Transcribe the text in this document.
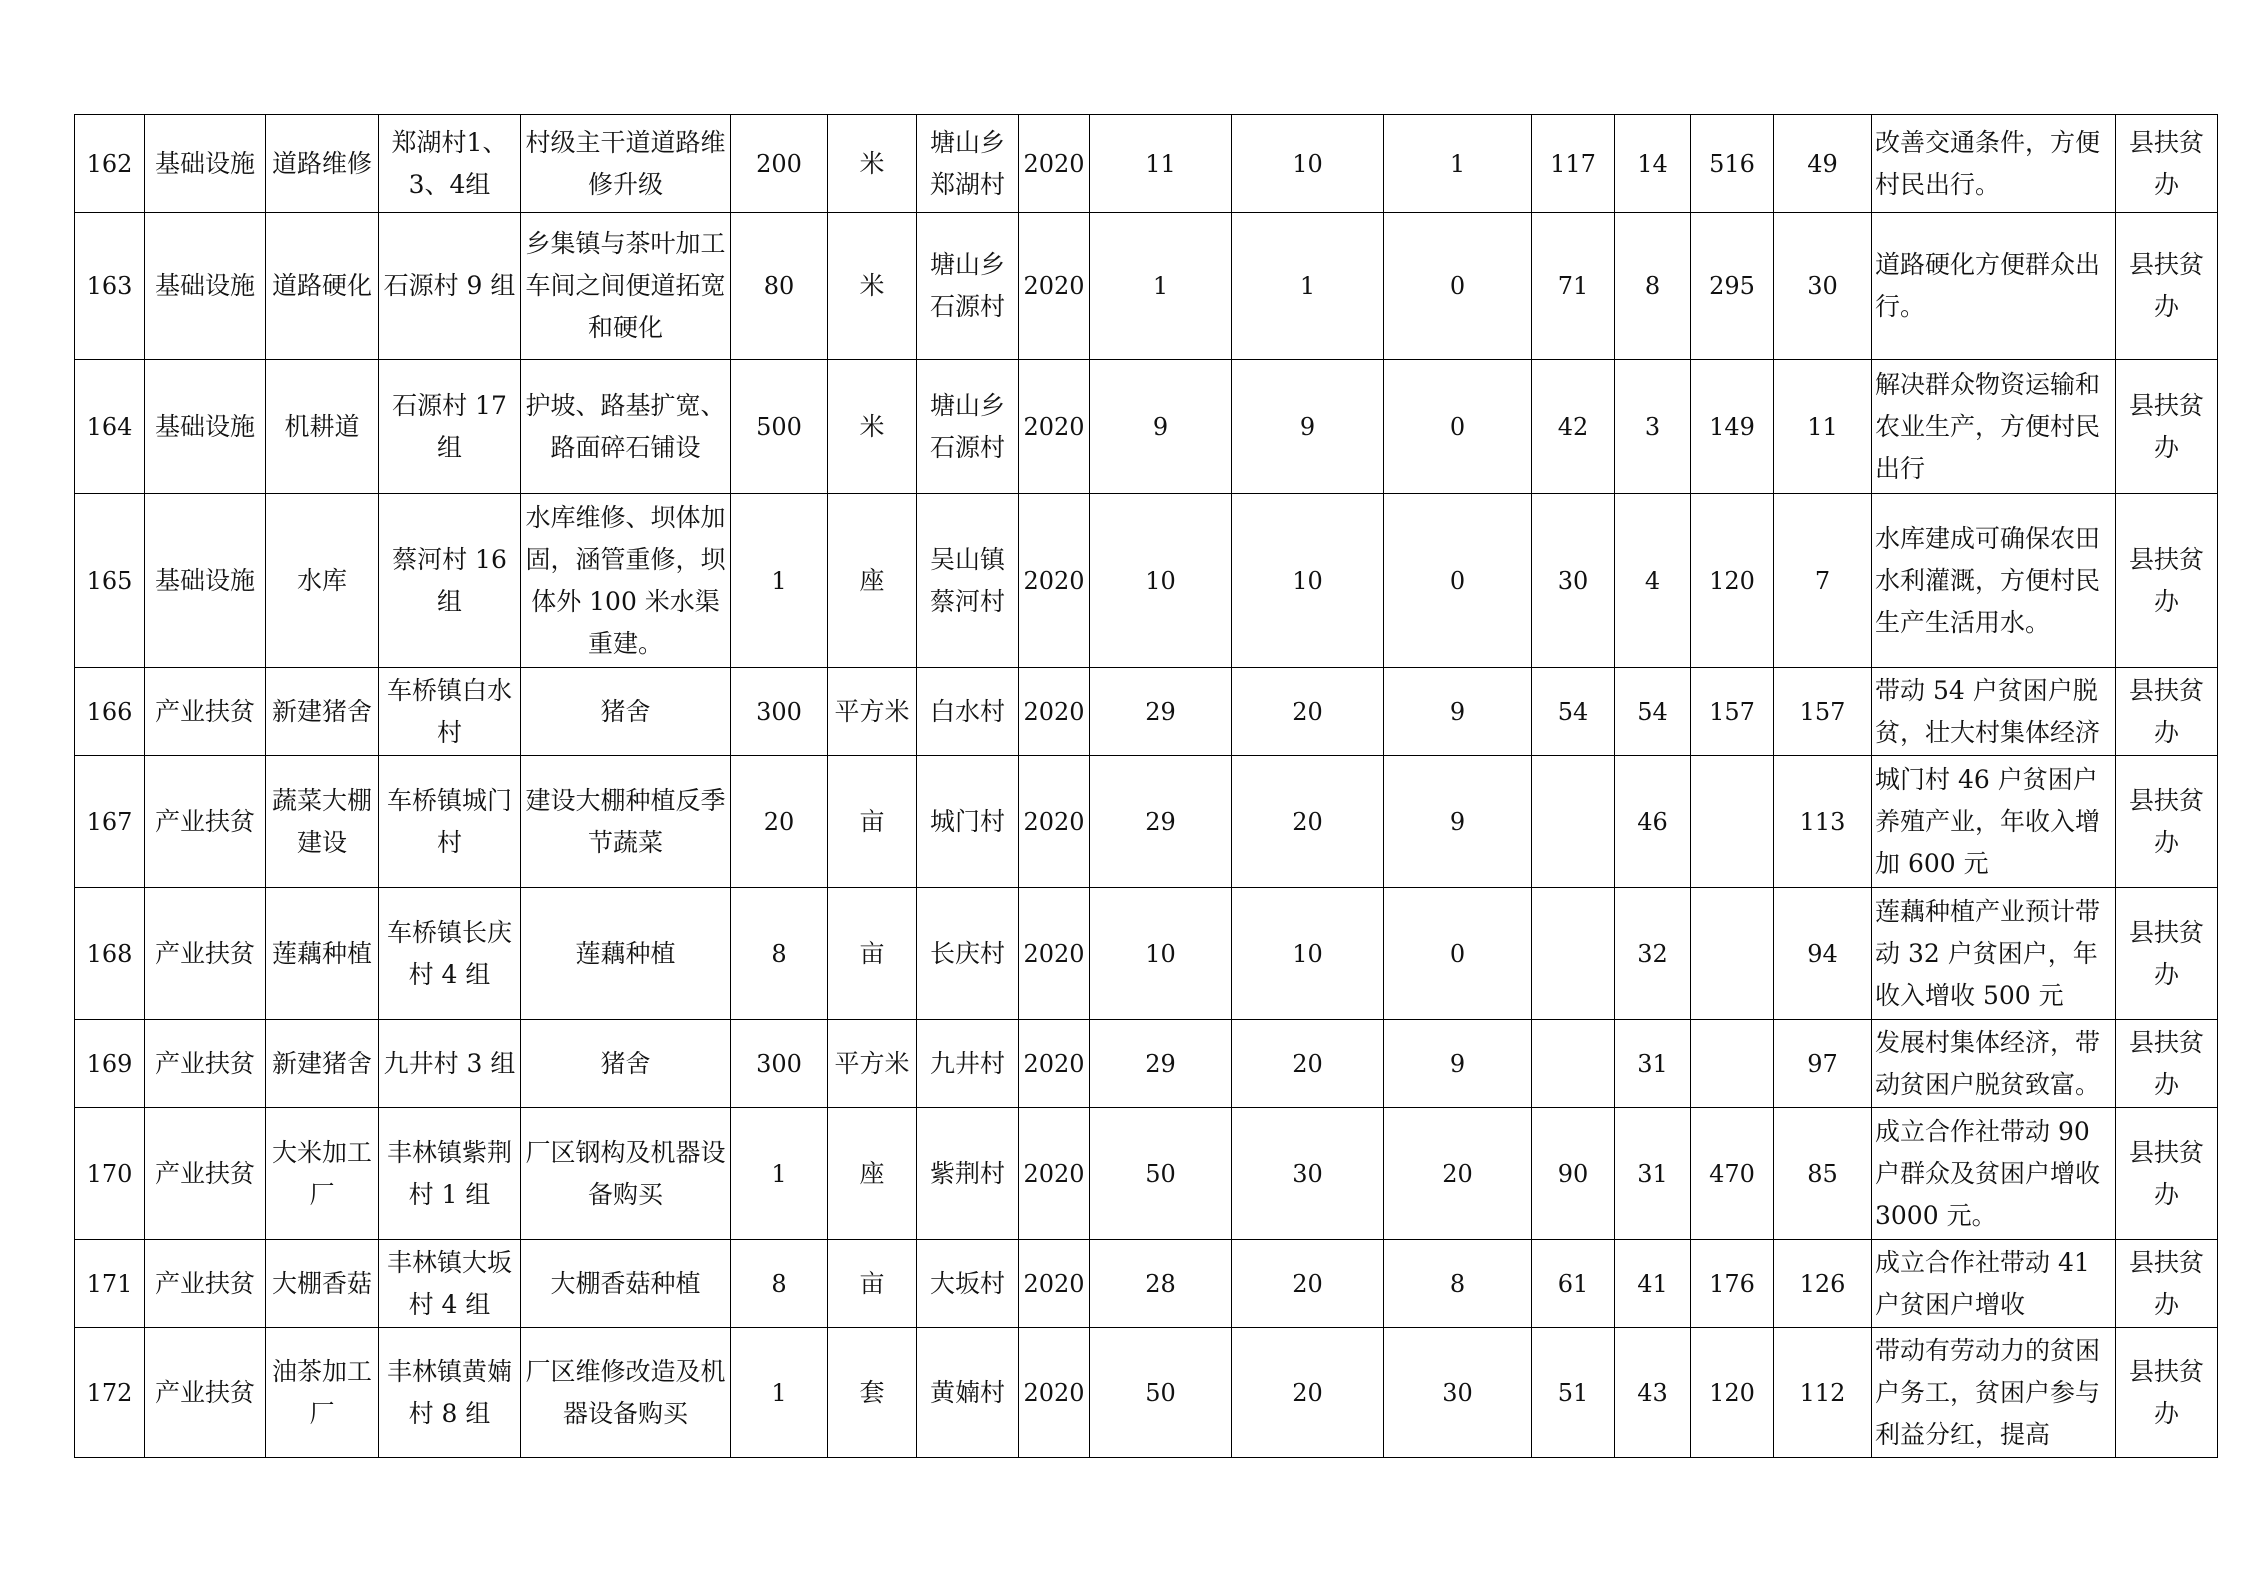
162	基础设施	道路维修	郑湖村1、3、4组	村级主干道道路维修升级	200	米	塘山乡郑湖村	2020	11	10	1	117	14	516	49	改善交通条件，方便村民出行。	县扶贫办
163	基础设施	道路硬化	石源村 9 组	乡集镇与茶叶加工车间之间便道拓宽和硬化	80	米	塘山乡石源村	2020	1	1	0	71	8	295	30	道路硬化方便群众出行。	县扶贫办
164	基础设施	机耕道	石源村 17 组	护坡、路基扩宽、路面碎石铺设	500	米	塘山乡石源村	2020	9	9	0	42	3	149	11	解决群众物资运输和农业生产，方便村民出行	县扶贫办
165	基础设施	水库	蔡河村 16 组	水库维修、坝体加固，涵管重修，坝体外 100 米水渠重建。	1	座	吴山镇蔡河村	2020	10	10	0	30	4	120	7	水库建成可确保农田水利灌溉，方便村民生产生活用水。	县扶贫办
166	产业扶贫	新建猪舍	车桥镇白水村	猪舍	300	平方米	白水村	2020	29	20	9	54	54	157	157	带动 54 户贫困户脱贫，壮大村集体经济	县扶贫办
167	产业扶贫	蔬菜大棚建设	车桥镇城门村	建设大棚种植反季节蔬菜	20	亩	城门村	2020	29	20	9		46		113	城门村 46 户贫困户养殖产业，年收入增加 600 元	县扶贫办
168	产业扶贫	莲藕种植	车桥镇长庆村 4 组	莲藕种植	8	亩	长庆村	2020	10	10	0		32		94	莲藕种植产业预计带动 32 户贫困户，年收入增收 500 元	县扶贫办
169	产业扶贫	新建猪舍	九井村 3 组	猪舍	300	平方米	九井村	2020	29	20	9		31		97	发展村集体经济，带动贫困户脱贫致富。	县扶贫办
170	产业扶贫	大米加工厂	丰林镇紫荆村 1 组	厂区钢构及机器设备购买	1	座	紫荆村	2020	50	30	20	90	31	470	85	成立合作社带动 90 户群众及贫困户增收 3000 元。	县扶贫办
171	产业扶贫	大棚香菇	丰林镇大坂村 4 组	大棚香菇种植	8	亩	大坂村	2020	28	20	8	61	41	176	126	成立合作社带动 41 户贫困户增收	县扶贫办
172	产业扶贫	油茶加工厂	丰林镇黄婻村 8 组	厂区维修改造及机器设备购买	1	套	黄婻村	2020	50	20	30	51	43	120	112	带动有劳动力的贫困户务工，贫困户参与利益分红，提高	县扶贫办
